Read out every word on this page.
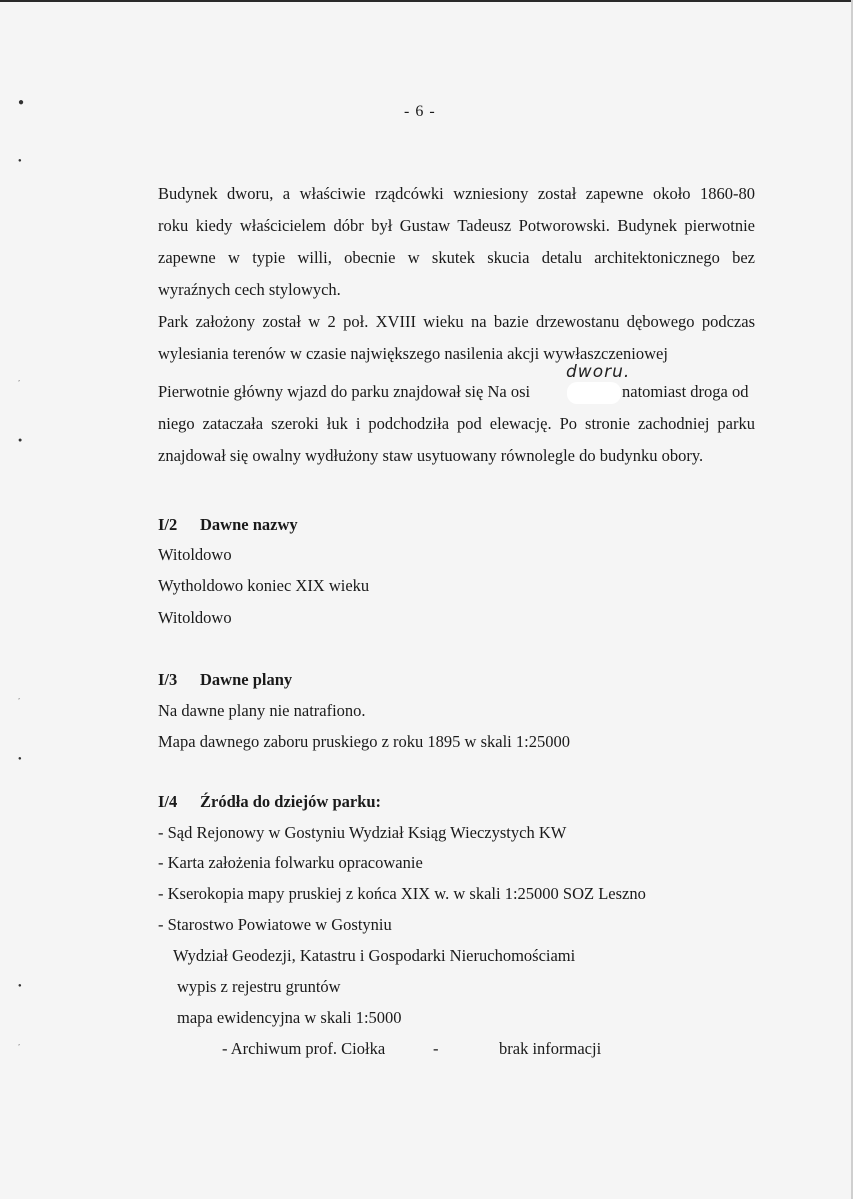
●
●
’
●
’
●
●
’
- 6 -
Budynek dworu, a właściwie rządcówki wzniesiony został zapewne około 1860-80
roku kiedy właścicielem dóbr był Gustaw Tadeusz Potworowski. Budynek pierwotnie
zapewne w typie willi, obecnie w skutek skucia detalu architektonicznego bez
wyraźnych cech stylowych.
Park założony został w 2 poł. XVIII wieku na bazie drzewostanu dębowego podczas
wylesiania terenów w czasie największego nasilenia akcji wywłaszczeniowej
dworu.
Pierwotnie główny wjazd do parku znajdował się Na osi	natomiast droga od
niego zataczała szeroki łuk i podchodziła pod elewację. Po stronie zachodniej parku
znajdował się owalny wydłużony staw usytuowany równolegle do budynku obory.
I/2 Dawne nazwy
Witoldowo
Wytholdowo koniec XIX wieku
Witoldowo
I/3 Dawne plany
Na dawne plany nie natrafiono.
Mapa dawnego zaboru pruskiego z roku 1895 w skali 1:25000
I/4 Źródła do dziejów parku:
- Sąd Rejonowy w Gostyniu Wydział Ksiąg Wieczystych KW
- Karta założenia folwarku opracowanie
- Kserokopia mapy pruskiej z końca XIX w. w skali 1:25000 SOZ Leszno
- Starostwo Powiatowe w Gostyniu
Wydział Geodezji, Katastru i Gospodarki Nieruchomościami
wypis z rejestru gruntów
mapa ewidencyjna w skali 1:5000
- Archiwum prof. Ciołka	-	brak informacji
